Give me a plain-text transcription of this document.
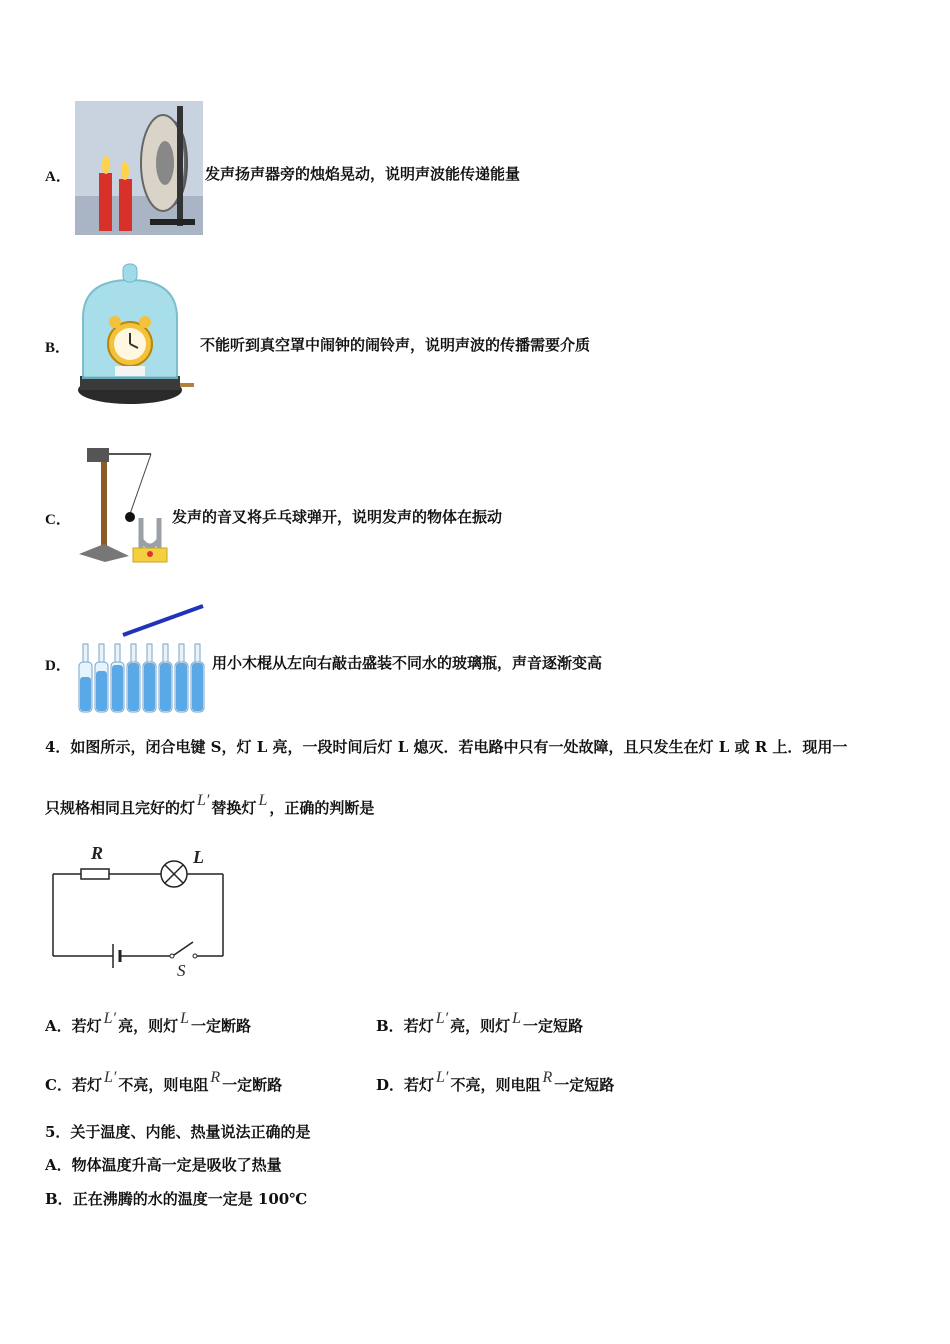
A．	发声扬声器旁的烛焰晃动，说明声波能传递能量
B．	不能听到真空罩中闹钟的闹铃声，说明声波的传播需要介质
C．	发声的音叉将乒乓球弹开，说明发声的物体在振动
D．	用小木棍从左向右敲击盛装不同水的玻璃瓶，声音逐渐变高
4．如图所示，闭合电键 S，灯 L 亮，一段时间后灯 L 熄灭．若电路中只有一处故障，且只发生在灯 L 或 R 上．现用一
只规格相同且完好的灯 L′ 替换灯 L ，正确的判断是
R	L
S
A．若灯 L′ 亮，则灯 L 一定断路	B．若灯 L′ 亮，则灯 L 一定短路
C．若灯 L′ 不亮，则电阻 R 一定断路	D．若灯 L′ 不亮，则电阻 R 一定短路
5．关于温度、内能、热量说法正确的是
A．物体温度升高一定是吸收了热量
B．正在沸腾的水的温度一定是 100℃
